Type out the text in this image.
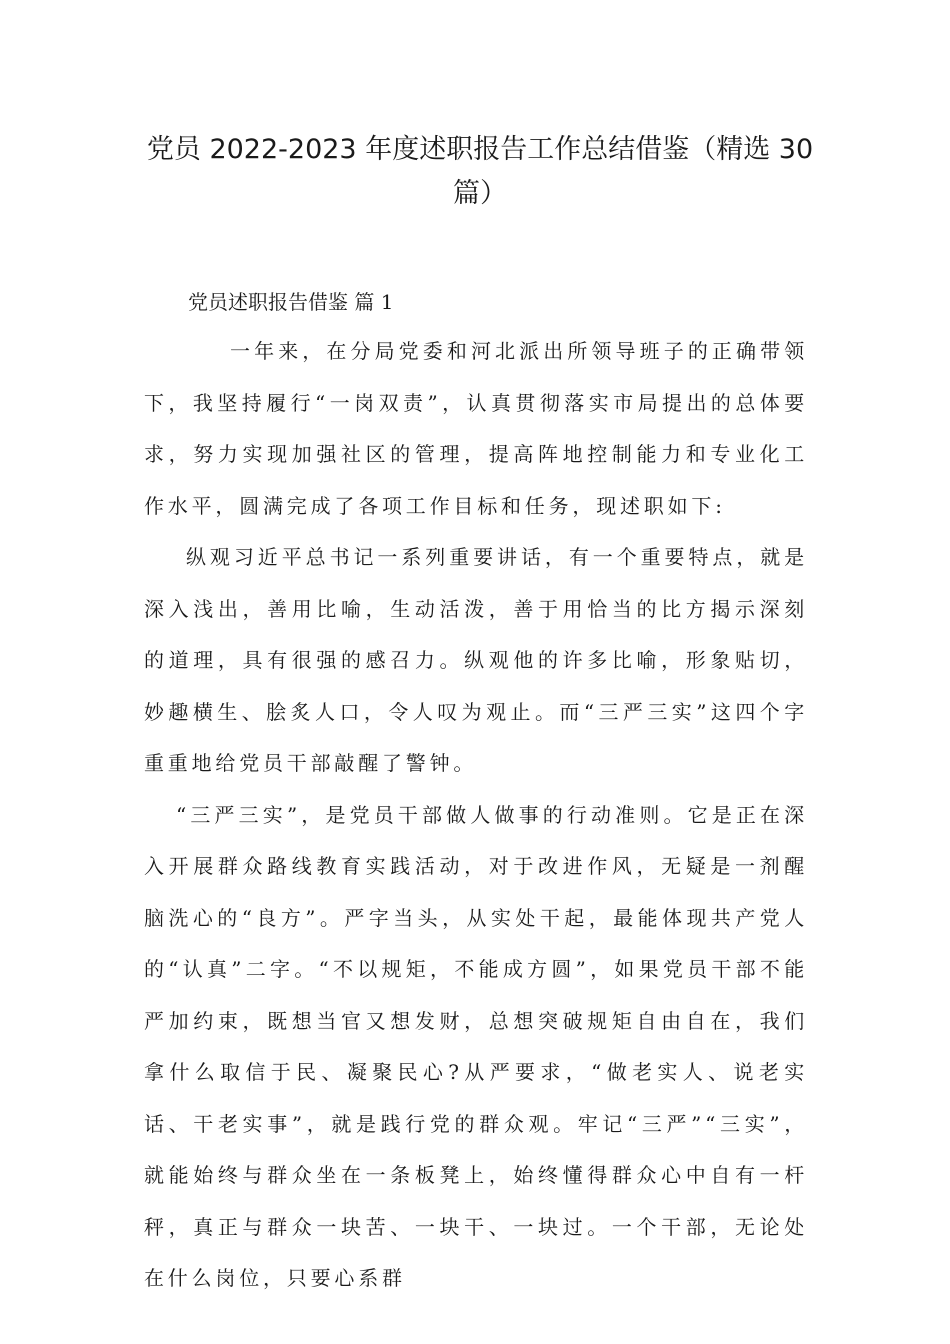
党员 2022-2023 年度述职报告工作总结借鉴（精选 30
篇）

党员述职报告借鉴 篇 1

一年来，在分局党委和河北派出所领导班子的正确带领下，我坚持履行“一岗双责”，认真贯彻落实市局提出的总体要求，努力实现加强社区的管理，提高阵地控制能力和专业化工作水平，圆满完成了各项工作目标和任务，现述职如下:

纵观习近平总书记一系列重要讲话，有一个重要特点，就是深入浅出，善用比喻，生动活泼，善于用恰当的比方揭示深刻的道理，具有很强的感召力。纵观他的许多比喻，形象贴切，妙趣横生、脍炙人口，令人叹为观止。而“三严三实”这四个字重重地给党员干部敲醒了警钟。

“三严三实”，是党员干部做人做事的行动准则。它是正在深入开展群众路线教育实践活动，对于改进作风，无疑是一剂醒脑洗心的“良方”。严字当头，从实处干起，最能体现共产党人的“认真”二字。“不以规矩，不能成方圆”，如果党员干部不能严加约束，既想当官又想发财，总想突破规矩自由自在，我们拿什么取信于民、凝聚民心?从严要求，“做老实人、说老实话、干老实事”，就是践行党的群众观。牢记“三严”“三实”，就能始终与群众坐在一条板凳上，始终懂得群众心中自有一杆秤，真正与群众一块苦、一块干、一块过。一个干部，无论处在什么岗位，只要心系群
